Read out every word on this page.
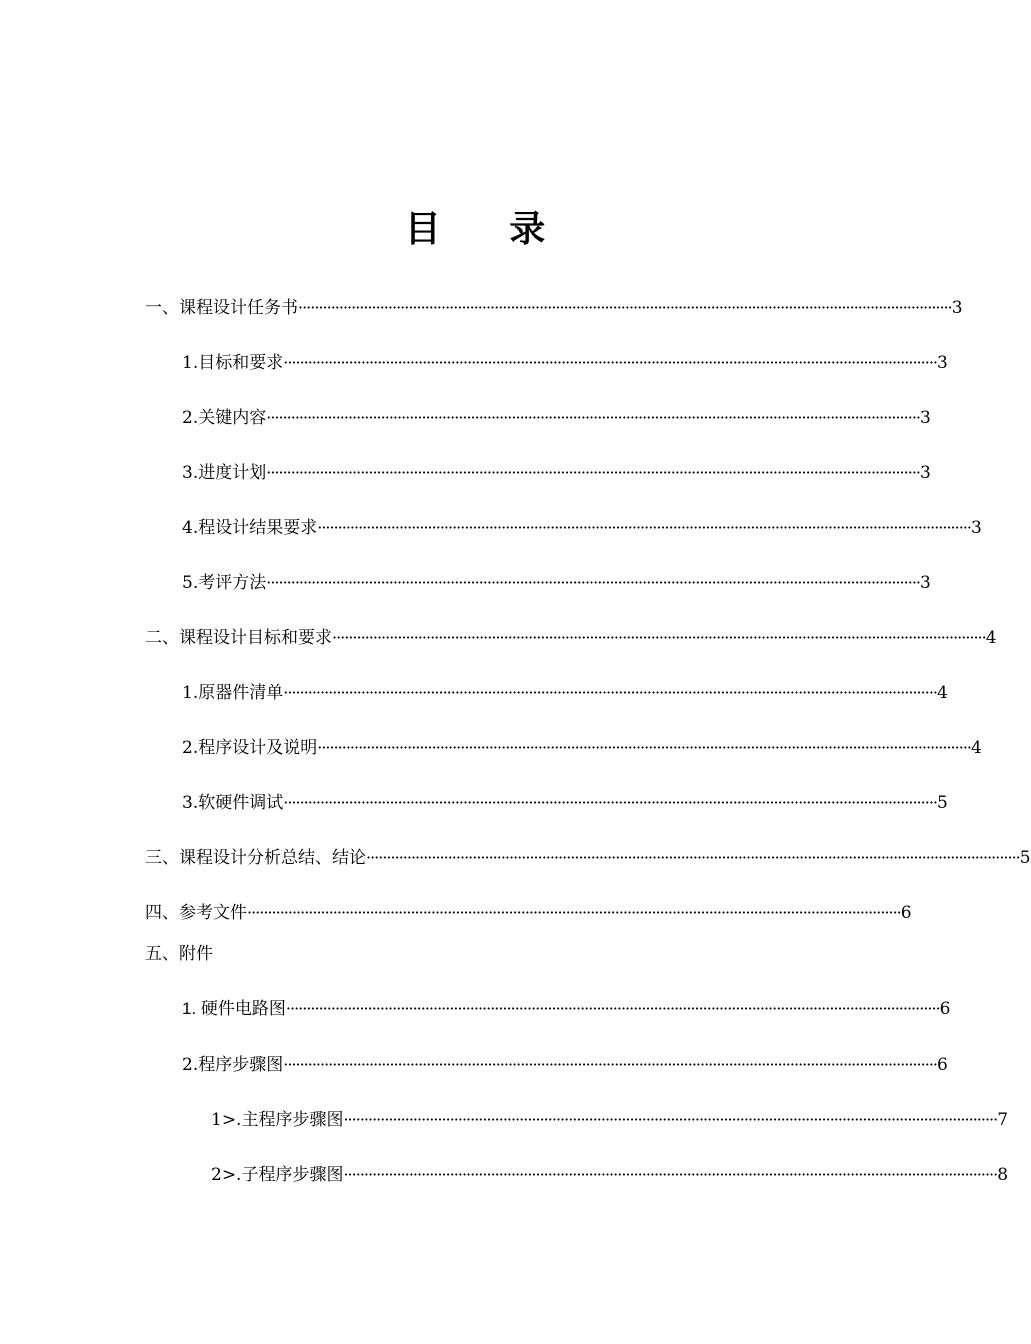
目 录
一、课程设计任务书 ································································································································································ 3
1.目标和要求 ································································································································································ 3
2.关键内容 ································································································································································ 3
3.进度计划 ································································································································································ 3
4.程设计结果要求 ································································································································································ 3
5.考评方法 ································································································································································ 3
二、课程设计目标和要求 ································································································································································ 4
1.原器件清单 ································································································································································ 4
2.程序设计及说明 ································································································································································ 4
3.软硬件调试 ································································································································································ 5
三、课程设计分析总结、结论 ································································································································································ 5
四、参考文件 ································································································································································ 6
五、附件
1. 硬件电路图 ································································································································································ 6
2.程序步骤图 ································································································································································ 6
1>.主程序步骤图 ································································································································································ 7
2>.子程序步骤图 ································································································································································ 8
